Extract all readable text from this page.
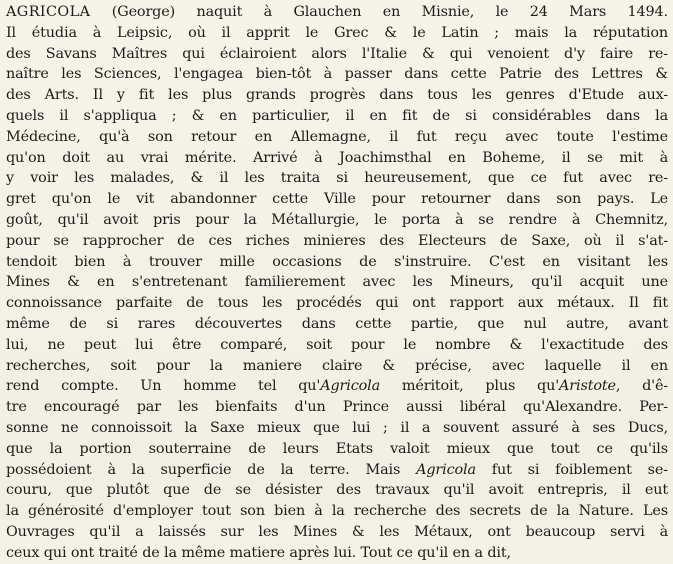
AGRICOLA (George) naquit à Glauchen en Misnie, le 24 Mars 1494.
Il étudia à Leipsic, où il apprit le Grec & le Latin ; mais la réputation
des Savans Maîtres qui éclairoient alors l'Italie & qui venoient d'y faire re-
naître les Sciences, l'engagea bien-tôt à passer dans cette Patrie des Lettres &
des Arts. Il y fit les plus grands progrès dans tous les genres d'Etude aux-
quels il s'appliqua ; & en particulier, il en fit de si considérables dans la
Médecine, qu'à son retour en Allemagne, il fut reçu avec toute l'estime
qu'on doit au vrai mérite. Arrivé à Joachimsthal en Boheme, il se mit à
y voir les malades, & il les traita si heureusement, que ce fut avec re-
gret qu'on le vit abandonner cette Ville pour retourner dans son pays. Le
goût, qu'il avoit pris pour la Métallurgie, le porta à se rendre à Chemnitz,
pour se rapprocher de ces riches minieres des Electeurs de Saxe, où il s'at-
tendoit bien à trouver mille occasions de s'instruire. C'est en visitant les
Mines & en s'entretenant familierement avec les Mineurs, qu'il acquit une
connoissance parfaite de tous les procédés qui ont rapport aux métaux. Il fit
même de si rares découvertes dans cette partie, que nul autre, avant
lui, ne peut lui être comparé, soit pour le nombre & l'exactitude des
recherches, soit pour la maniere claire & précise, avec laquelle il en
rend compte. Un homme tel qu'Agricola méritoit, plus qu'Aristote, d'ê-
tre encouragé par les bienfaits d'un Prince aussi libéral qu'Alexandre. Per-
sonne ne connoissoit la Saxe mieux que lui ; il a souvent assuré à ses Ducs,
que la portion souterraine de leurs Etats valoit mieux que tout ce qu'ils
possédoient à la superficie de la terre. Mais Agricola fut si foiblement se-
couru, que plutôt que de se désister des travaux qu'il avoit entrepris, il eut
la générosité d'employer tout son bien à la recherche des secrets de la Nature. Les
Ouvrages qu'il a laissés sur les Mines & les Métaux, ont beaucoup servi à
ceux qui ont traité de la même matiere après lui. Tout ce qu'il en a dit,
